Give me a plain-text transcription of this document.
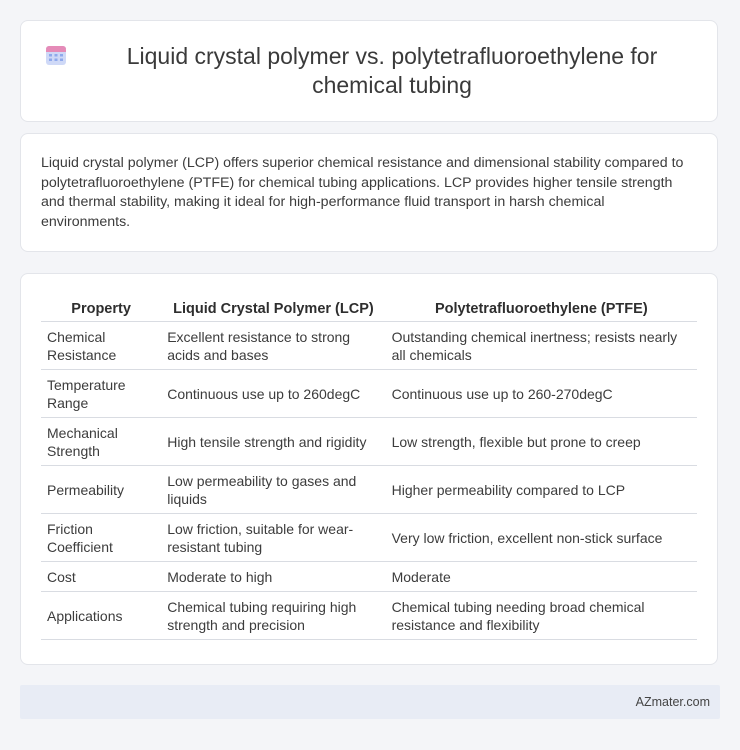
Liquid crystal polymer vs. polytetrafluoroethylene for chemical tubing

Liquid crystal polymer (LCP) offers superior chemical resistance and dimensional stability compared to polytetrafluoroethylene (PTFE) for chemical tubing applications. LCP provides higher tensile strength and thermal stability, making it ideal for high-performance fluid transport in harsh chemical environments.

Property	Liquid Crystal Polymer (LCP)	Polytetrafluoroethylene (PTFE)
Chemical Resistance	Excellent resistance to strong acids and bases	Outstanding chemical inertness; resists nearly all chemicals
Temperature Range	Continuous use up to 260degC	Continuous use up to 260-270degC
Mechanical Strength	High tensile strength and rigidity	Low strength, flexible but prone to creep
Permeability	Low permeability to gases and liquids	Higher permeability compared to LCP
Friction Coefficient	Low friction, suitable for wear-resistant tubing	Very low friction, excellent non-stick surface
Cost	Moderate to high	Moderate
Applications	Chemical tubing requiring high strength and precision	Chemical tubing needing broad chemical resistance and flexibility
AZmater.com
